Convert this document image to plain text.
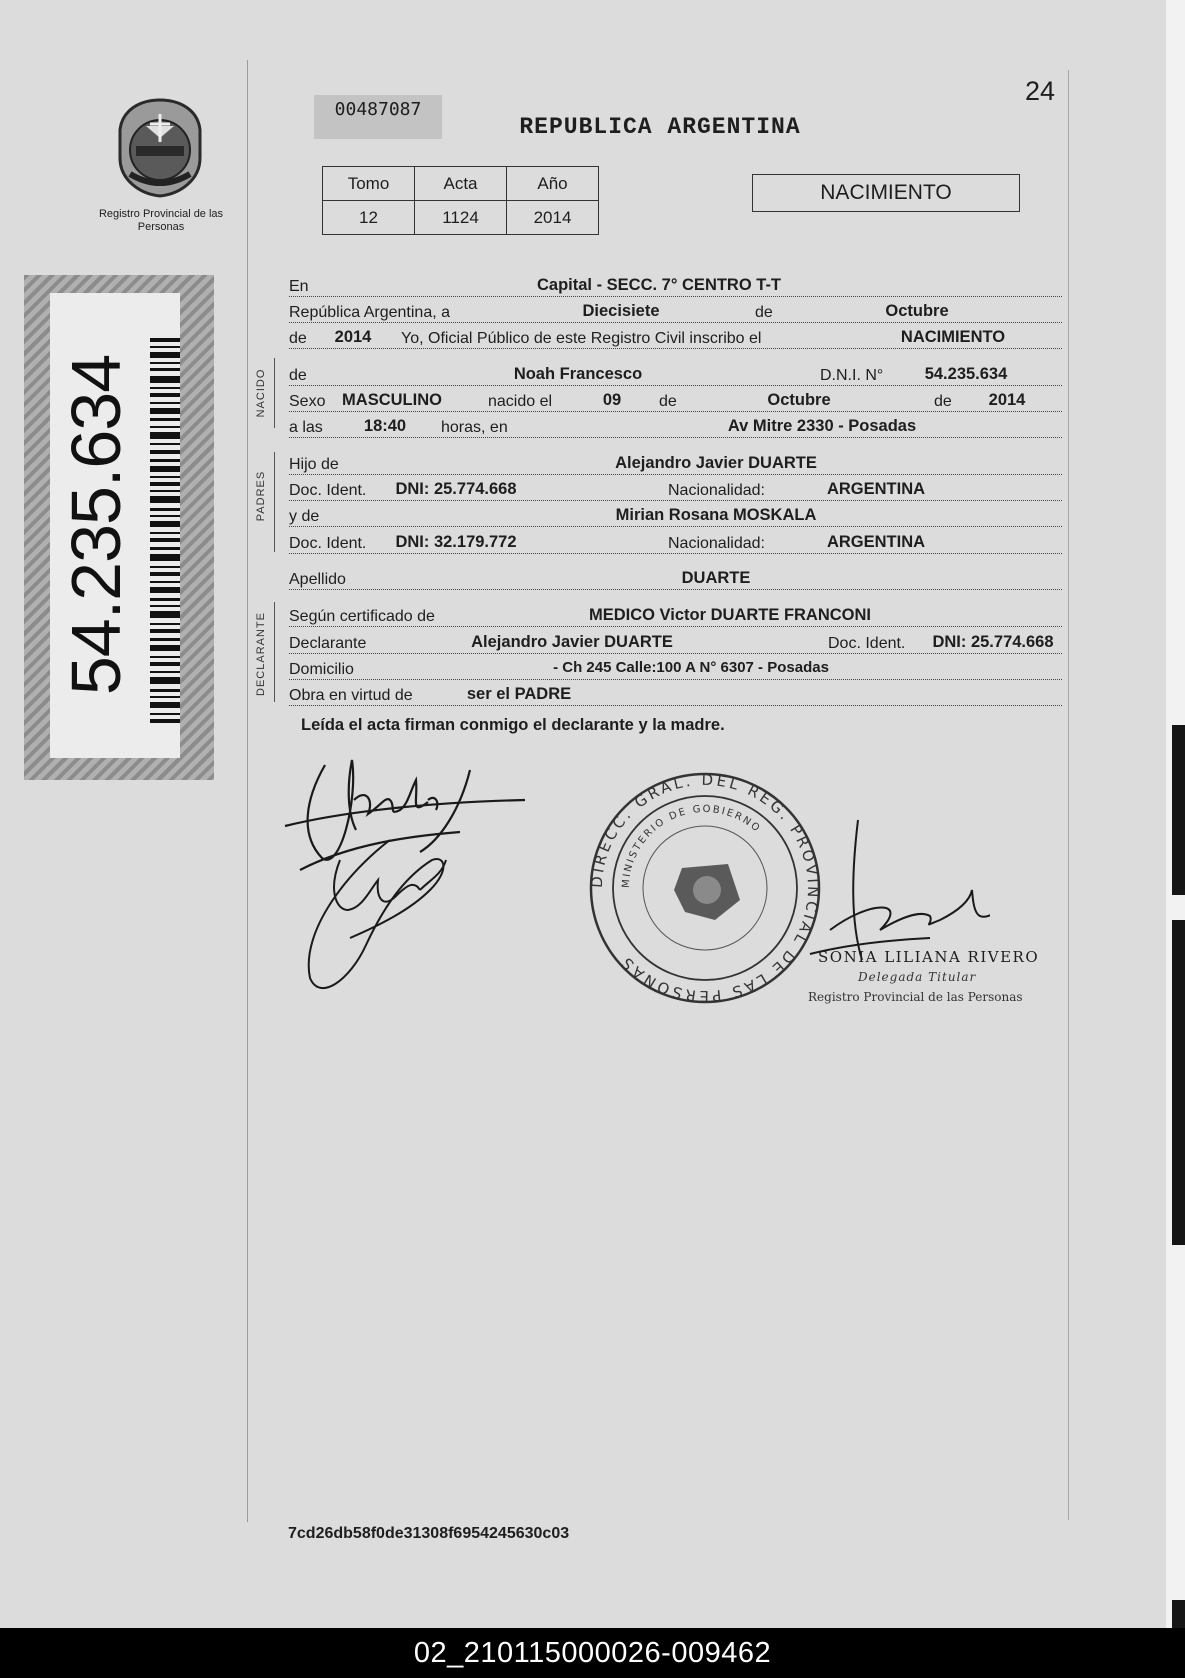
Registro Provincial de las Personas
54.235.634
00487087
REPUBLICA ARGENTINA
24
Tomo	Acta	Año
12	1124	2014
NACIMIENTO
NACIDO
PADRES
DECLARANTE
En	Capital - SECC. 7° CENTRO T-T
República Argentina, a	Diecisiete	de	Octubre
de 2014 Yo, Oficial Público de este Registro Civil inscribo el	NACIMIENTO
de	Noah Francesco	D.N.I. N°	54.235.634
Sexo MASCULINO	nacido el	09 de	Octubre	de 2014
a las 18:40 horas, en	Av Mitre 2330 - Posadas
Hijo de	Alejandro Javier DUARTE
Doc. Ident. DNI: 25.774.668	Nacionalidad:	ARGENTINA
y de	Mirian Rosana MOSKALA
Doc. Ident. DNI: 32.179.772	Nacionalidad:	ARGENTINA
Apellido	DUARTE
Según certificado de	MEDICO Victor DUARTE FRANCONI
Declarante	Alejandro Javier DUARTE	Doc. Ident. DNI: 25.774.668
Domicilio	- Ch 245 Calle:100 A N° 6307 - Posadas
Obra en virtud de	ser el PADRE
Leída el acta firman conmigo el declarante y la madre.
DIRECC. GRAL. DEL REG. PROVINCIAL DE LAS PERSONAS
MINISTERIO DE GOBIERNO
SONIA LILIANA RIVERO
Delegada Titular
Registro Provincial de las Personas
7cd26db58f0de31308f6954245630c03
02_210115000026-009462
